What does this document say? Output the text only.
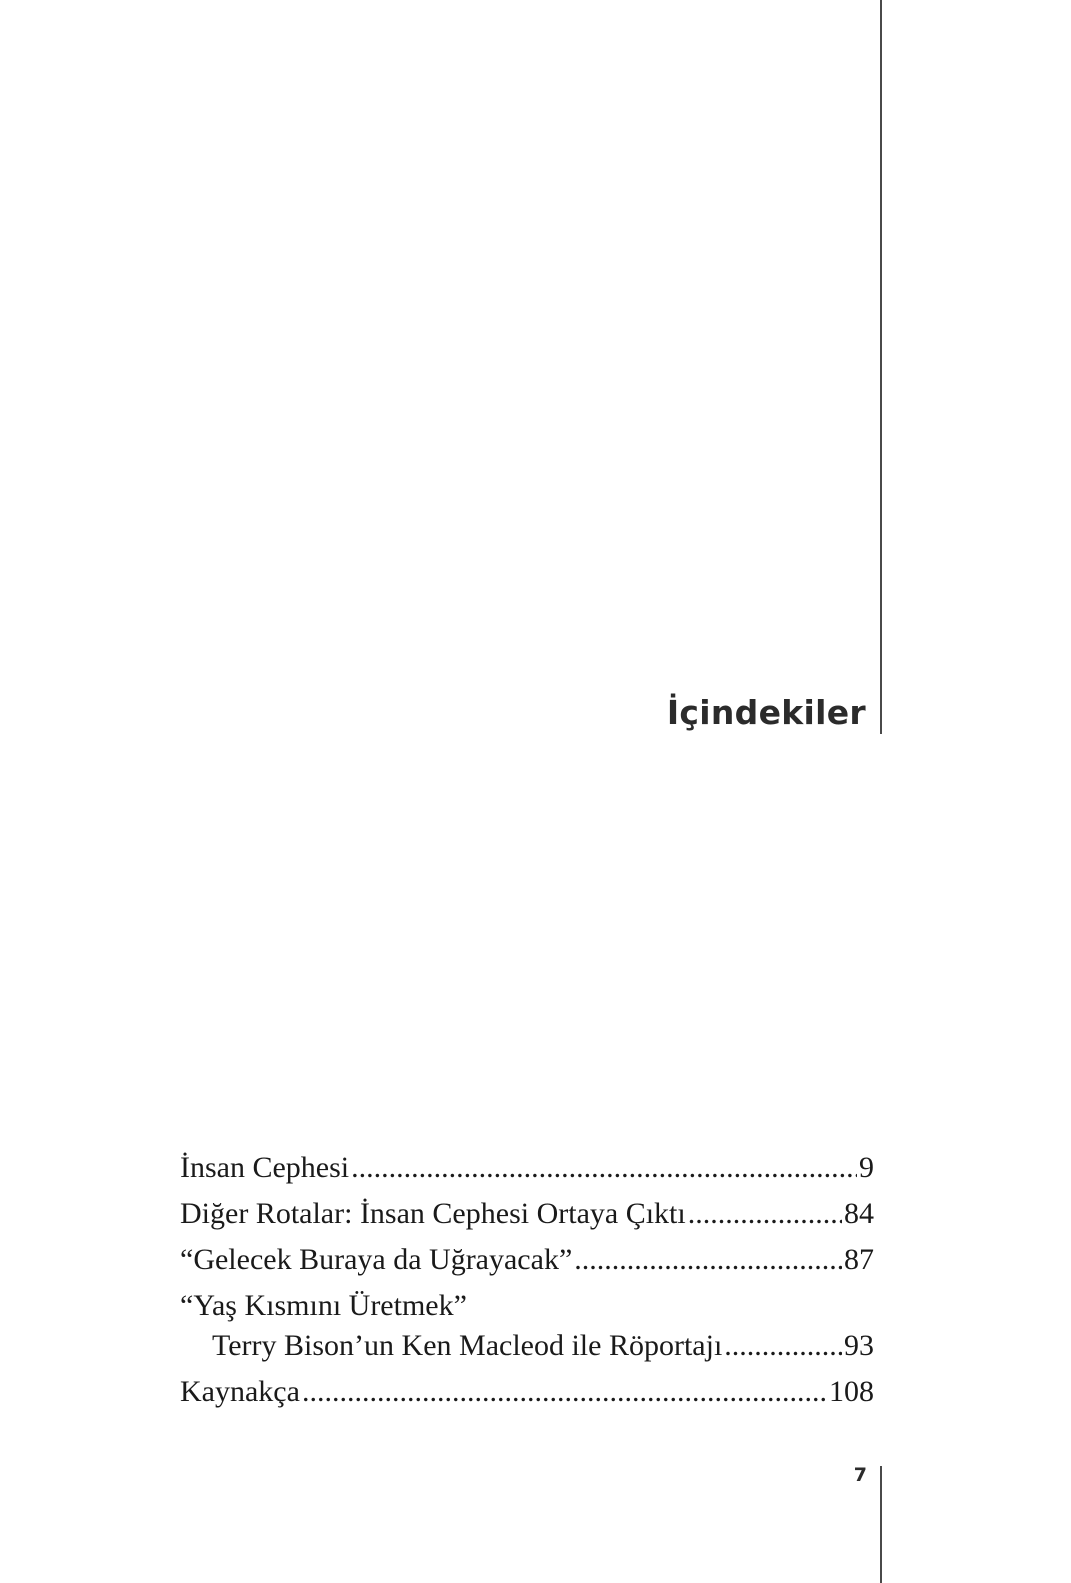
İçindekiler
İnsan Cephesi .....	9
Diğer Rotalar: İnsan Cephesi Ortaya Çıktı .....	84
“Gelecek Buraya da Uğrayacak” .....	87
“Yaş Kısmını Üretmek”
Terry Bison’un Ken Macleod ile Röportajı .....	93
Kaynakça .....	108
7
